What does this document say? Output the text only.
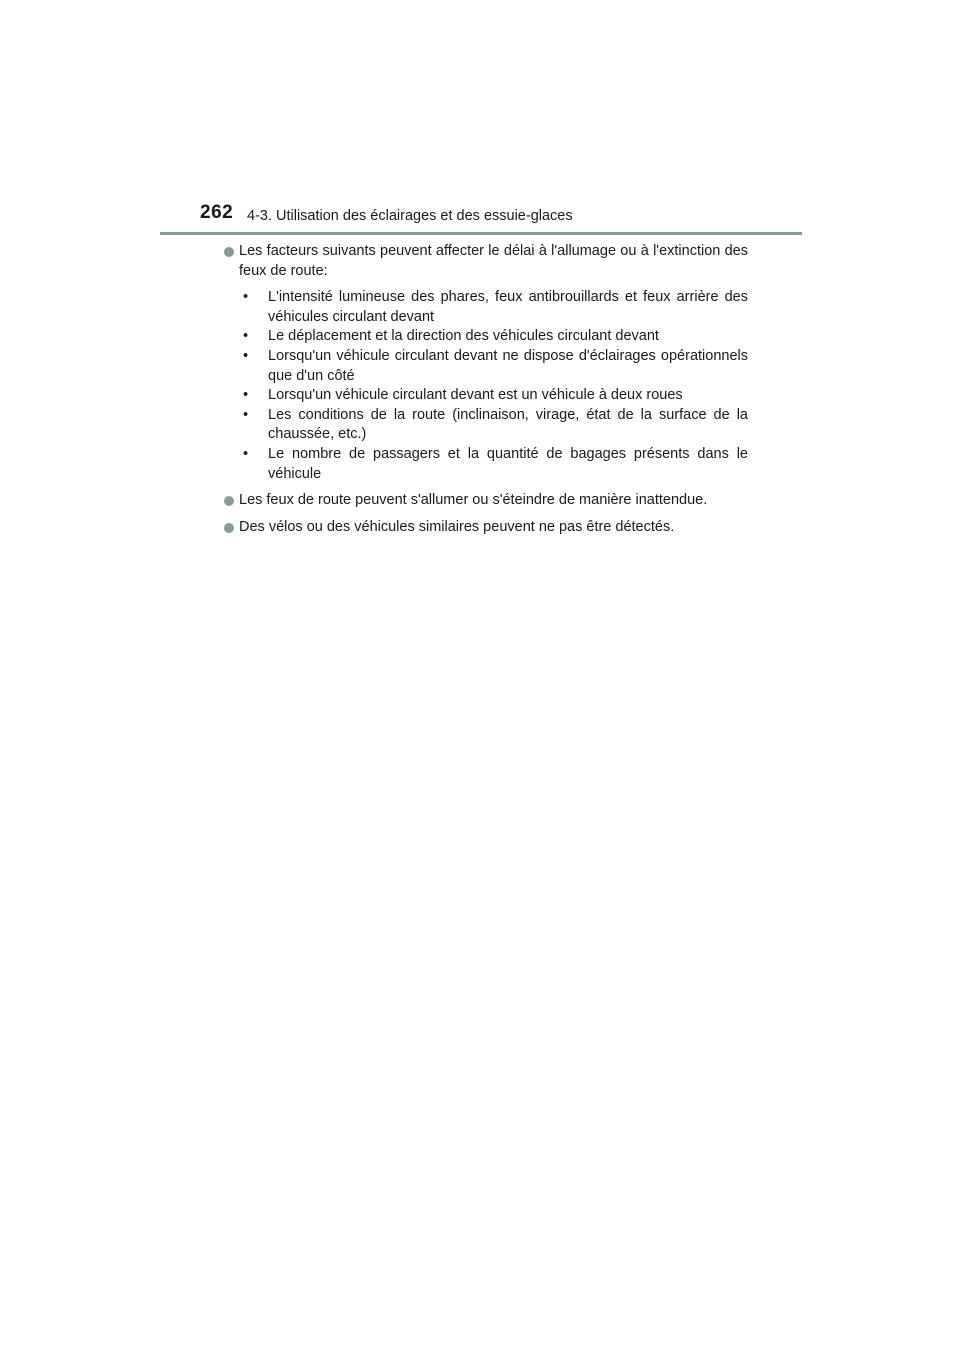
262 4-3. Utilisation des éclairages et des essuie-glaces
Les facteurs suivants peuvent affecter le délai à l'allumage ou à l'extinction des feux de route:
• L'intensité lumineuse des phares, feux antibrouillards et feux arrière des véhicules circulant devant
• Le déplacement et la direction des véhicules circulant devant
• Lorsqu'un véhicule circulant devant ne dispose d'éclairages opérationnels que d'un côté
• Lorsqu'un véhicule circulant devant est un véhicule à deux roues
• Les conditions de la route (inclinaison, virage, état de la surface de la chaussée, etc.)
• Le nombre de passagers et la quantité de bagages présents dans le véhicule
Les feux de route peuvent s'allumer ou s'éteindre de manière inattendue.
Des vélos ou des véhicules similaires peuvent ne pas être détectés.
